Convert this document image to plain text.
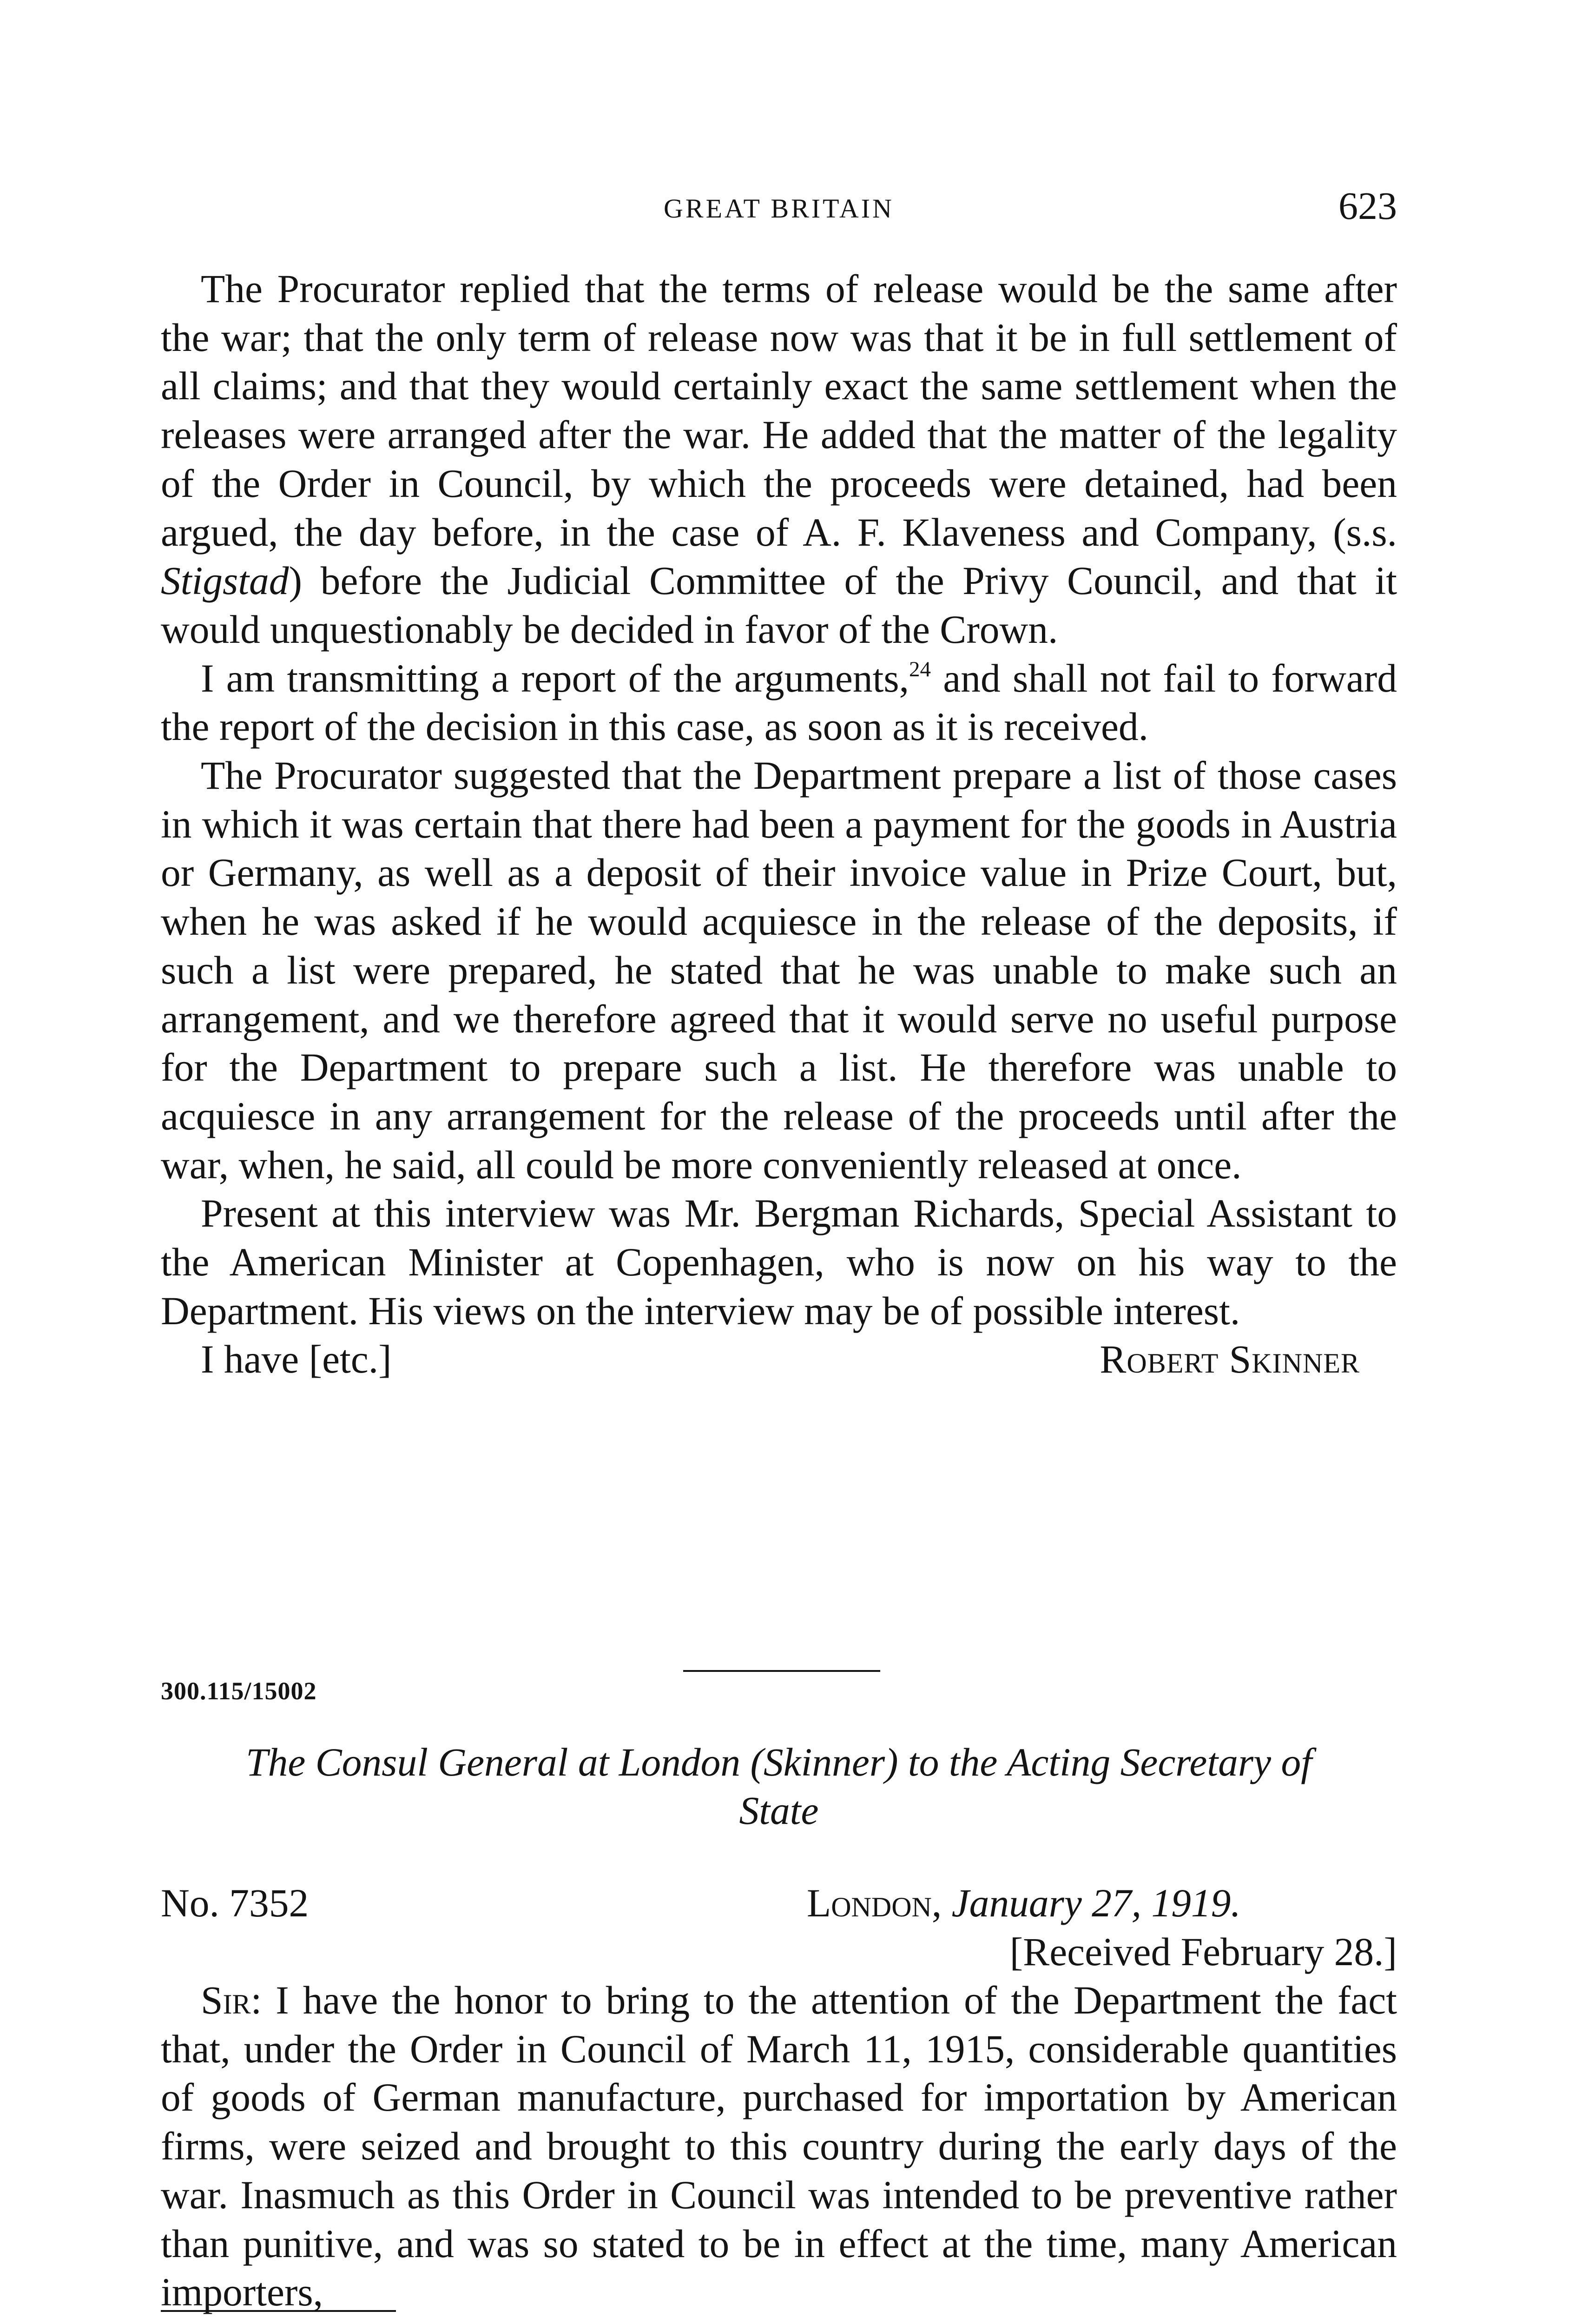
GREAT BRITAIN	623

The Procurator replied that the terms of release would be the same after the war; that the only term of release now was that it be in full settlement of all claims; and that they would certainly exact the same settlement when the releases were arranged after the war. He added that the matter of the legality of the Order in Council, by which the proceeds were detained, had been argued, the day before, in the case of A. F. Klaveness and Company, (s.s. Stigstad) before the Judicial Committee of the Privy Council, and that it would unquestionably be decided in favor of the Crown.

I am transmitting a report of the arguments,$^{24}$ and shall not fail to forward the report of the decision in this case, as soon as it is received.

The Procurator suggested that the Department prepare a list of those cases in which it was certain that there had been a payment for the goods in Austria or Germany, as well as a deposit of their invoice value in Prize Court, but, when he was asked if he would acquiesce in the release of the deposits, if such a list were prepared, he stated that he was unable to make such an arrangement, and we therefore agreed that it would serve no useful purpose for the Department to prepare such a list. He therefore was unable to acquiesce in any arrangement for the release of the proceeds until after the war, when, he said, all could be more conveniently released at once.

Present at this interview was Mr. Bergman Richards, Special Assistant to the American Minister at Copenhagen, who is now on his way to the Department. His views on the interview may be of possible interest.

I have [etc.]	Robert Skinner
300.115/15002
The Consul General at London (Skinner) to the Acting Secretary of
State
No. 7352	London, January 27, 1919.
[Received February 28.]

Sir: I have the honor to bring to the attention of the Department the fact that, under the Order in Council of March 11, 1915, considerable quantities of goods of German manufacture, purchased for importation by American firms, were seized and brought to this country during the early days of the war. Inasmuch as this Order in Council was intended to be preventive rather than punitive, and was so stated to be in effect at the time, many American importers,
